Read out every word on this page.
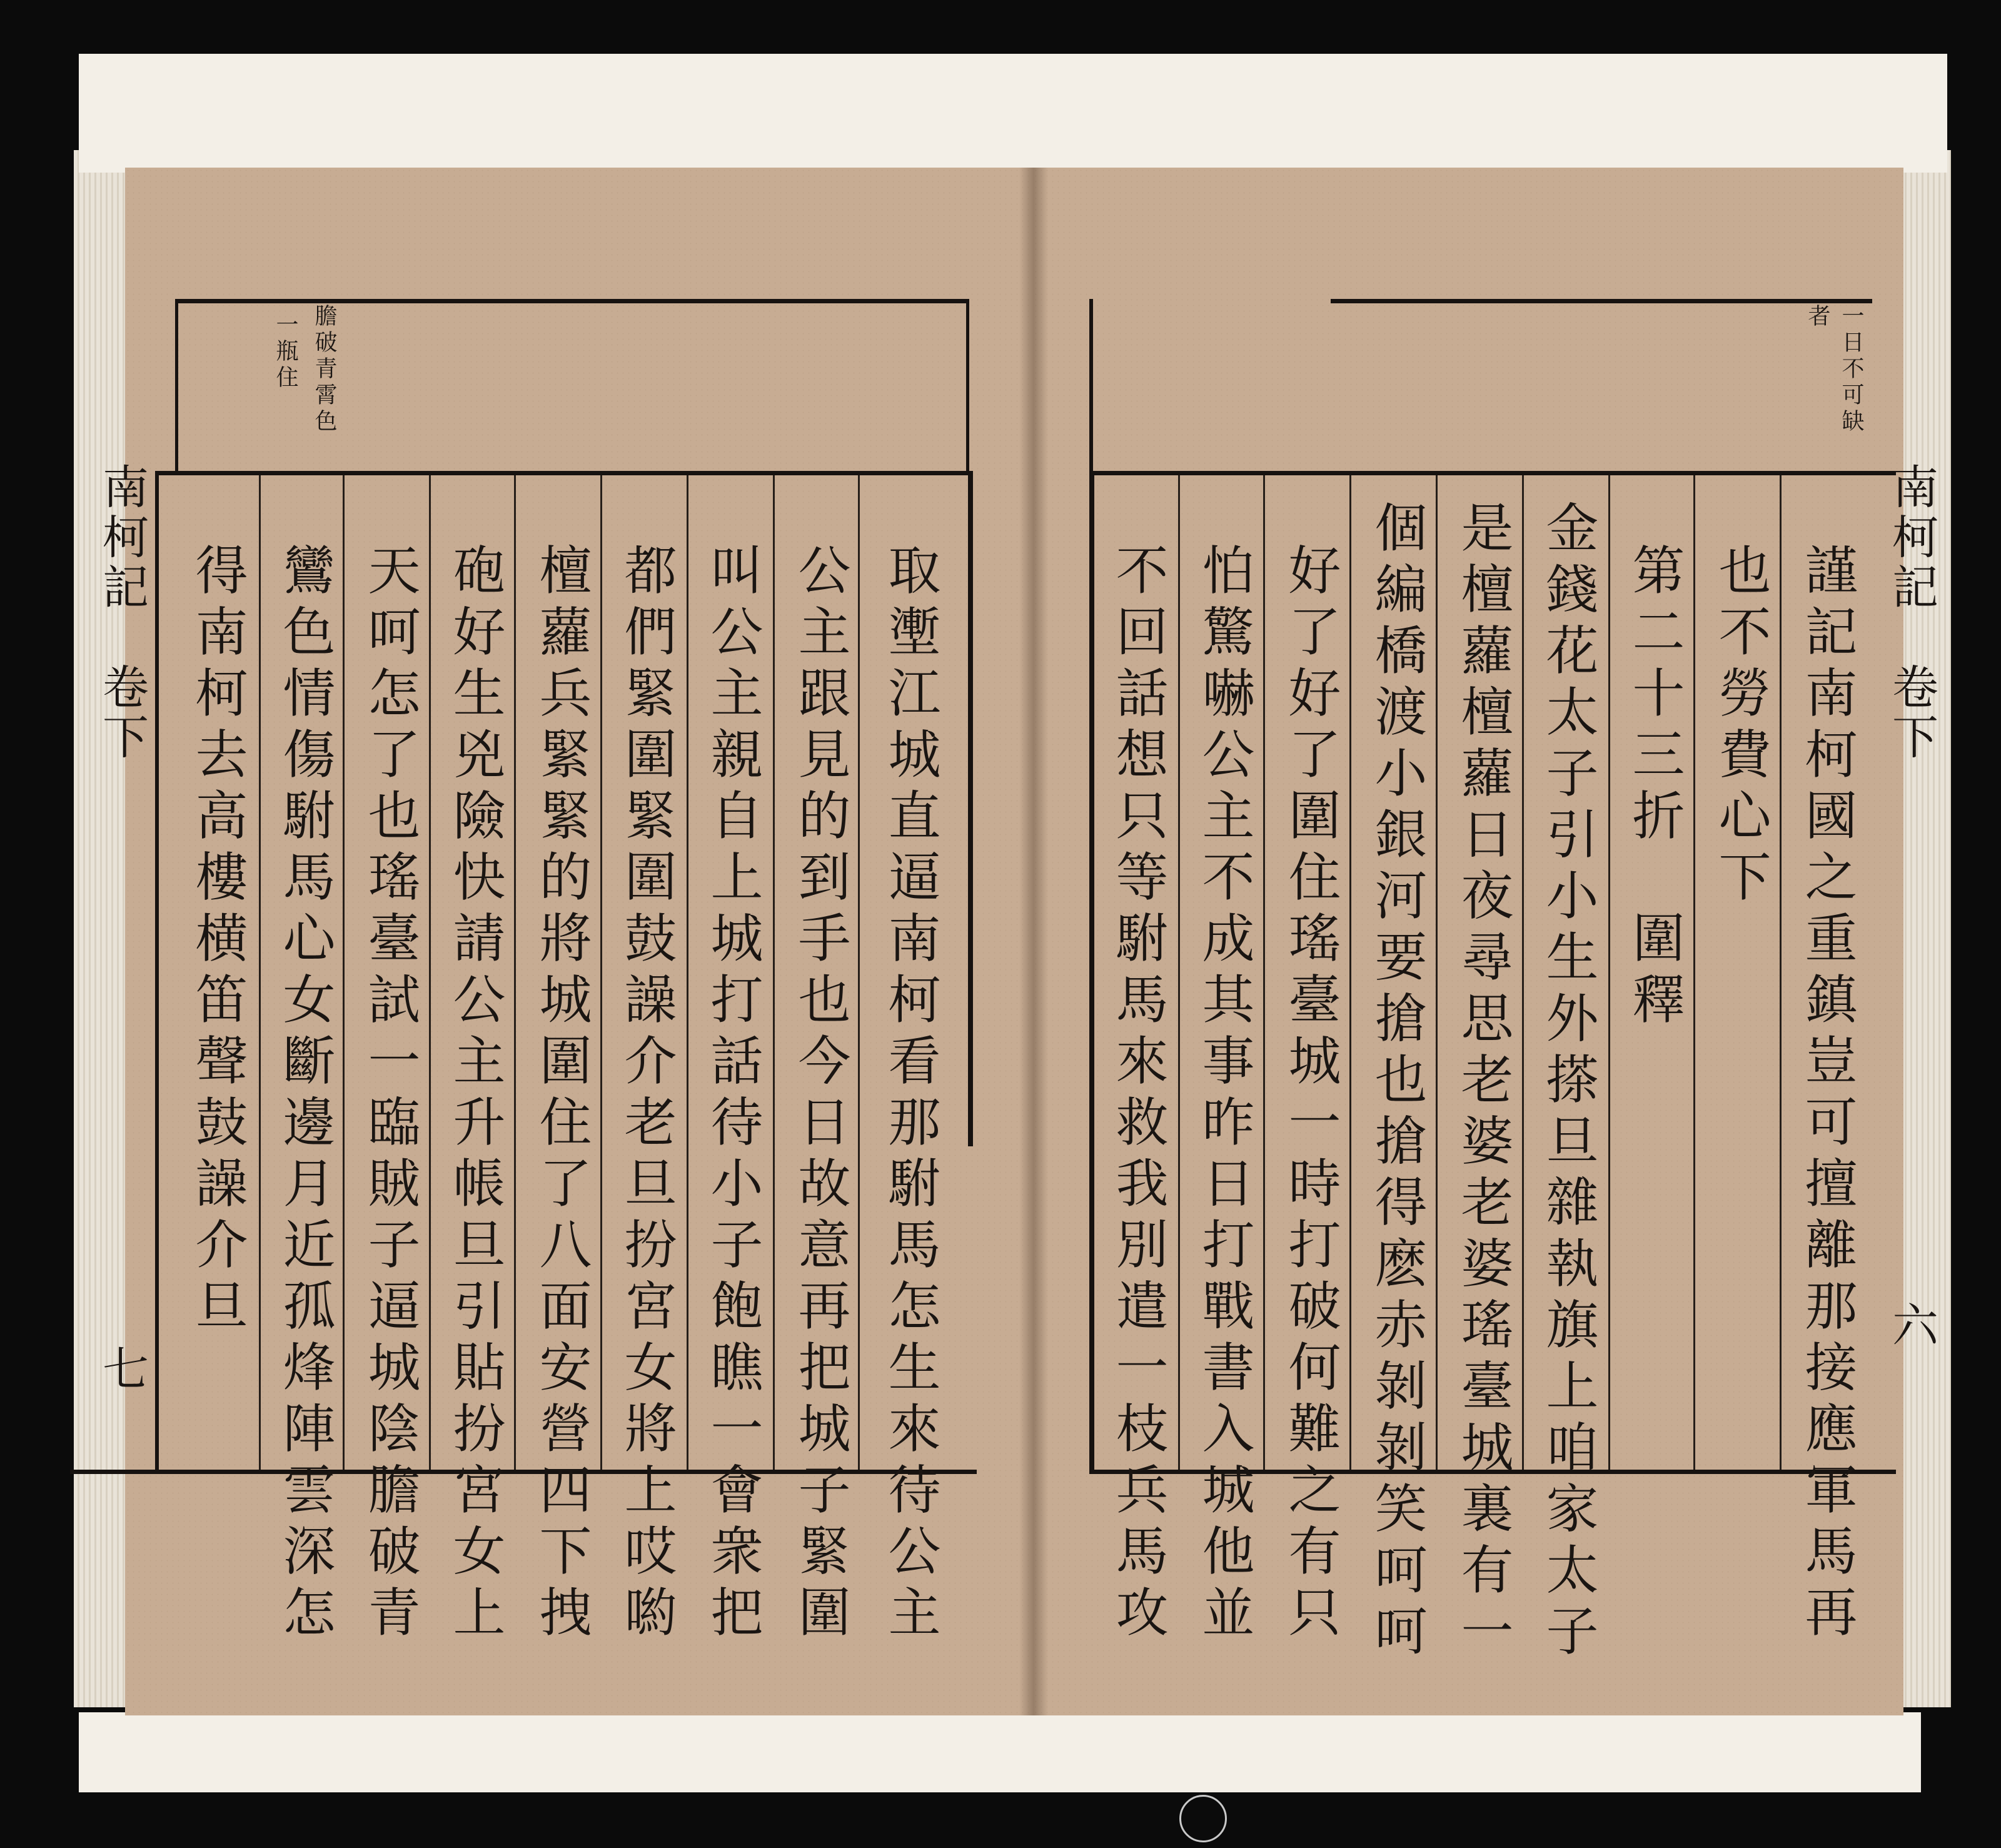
膽破青霄色
一瓶住
南柯記　卷下
七	取壍江城直逼南柯看那駙馬怎生來待公主
公主跟見的到手也今日故意再把城子緊圍
叫公主親自上城打話待小子飽瞧一會衆把
都們緊圍緊圍鼓譟介老旦扮宮女將上哎喲
檀蘿兵緊緊的將城圍住了八面安營四下拽
砲好生兇險快請公主升帳旦引貼扮宮女上
天呵怎了也瑤臺試一臨賊子逼城陰膽破青
鸞色情傷駙馬心女斷邊月近孤烽陣雲深怎
得南柯去高樓横笛聲鼓譟介旦
一日不可缺
者
南柯記　卷下
六
謹記南柯國之重鎮豈可擅離那接應軍馬再
也不勞費心下
第二十三折　圍釋
金錢花太子引小生外搽旦雜執旗上咱家太子
是檀蘿檀蘿日夜尋思老婆老婆瑤臺城裏有一
個編橋渡小銀河要搶也搶得麽赤剝剝笑呵呵
好了好了圍住瑤臺城一時打破何難之有只
怕驚嚇公主不成其事昨日打戰書入城他並
不回話想只等駙馬來救我別遣一枝兵馬攻
